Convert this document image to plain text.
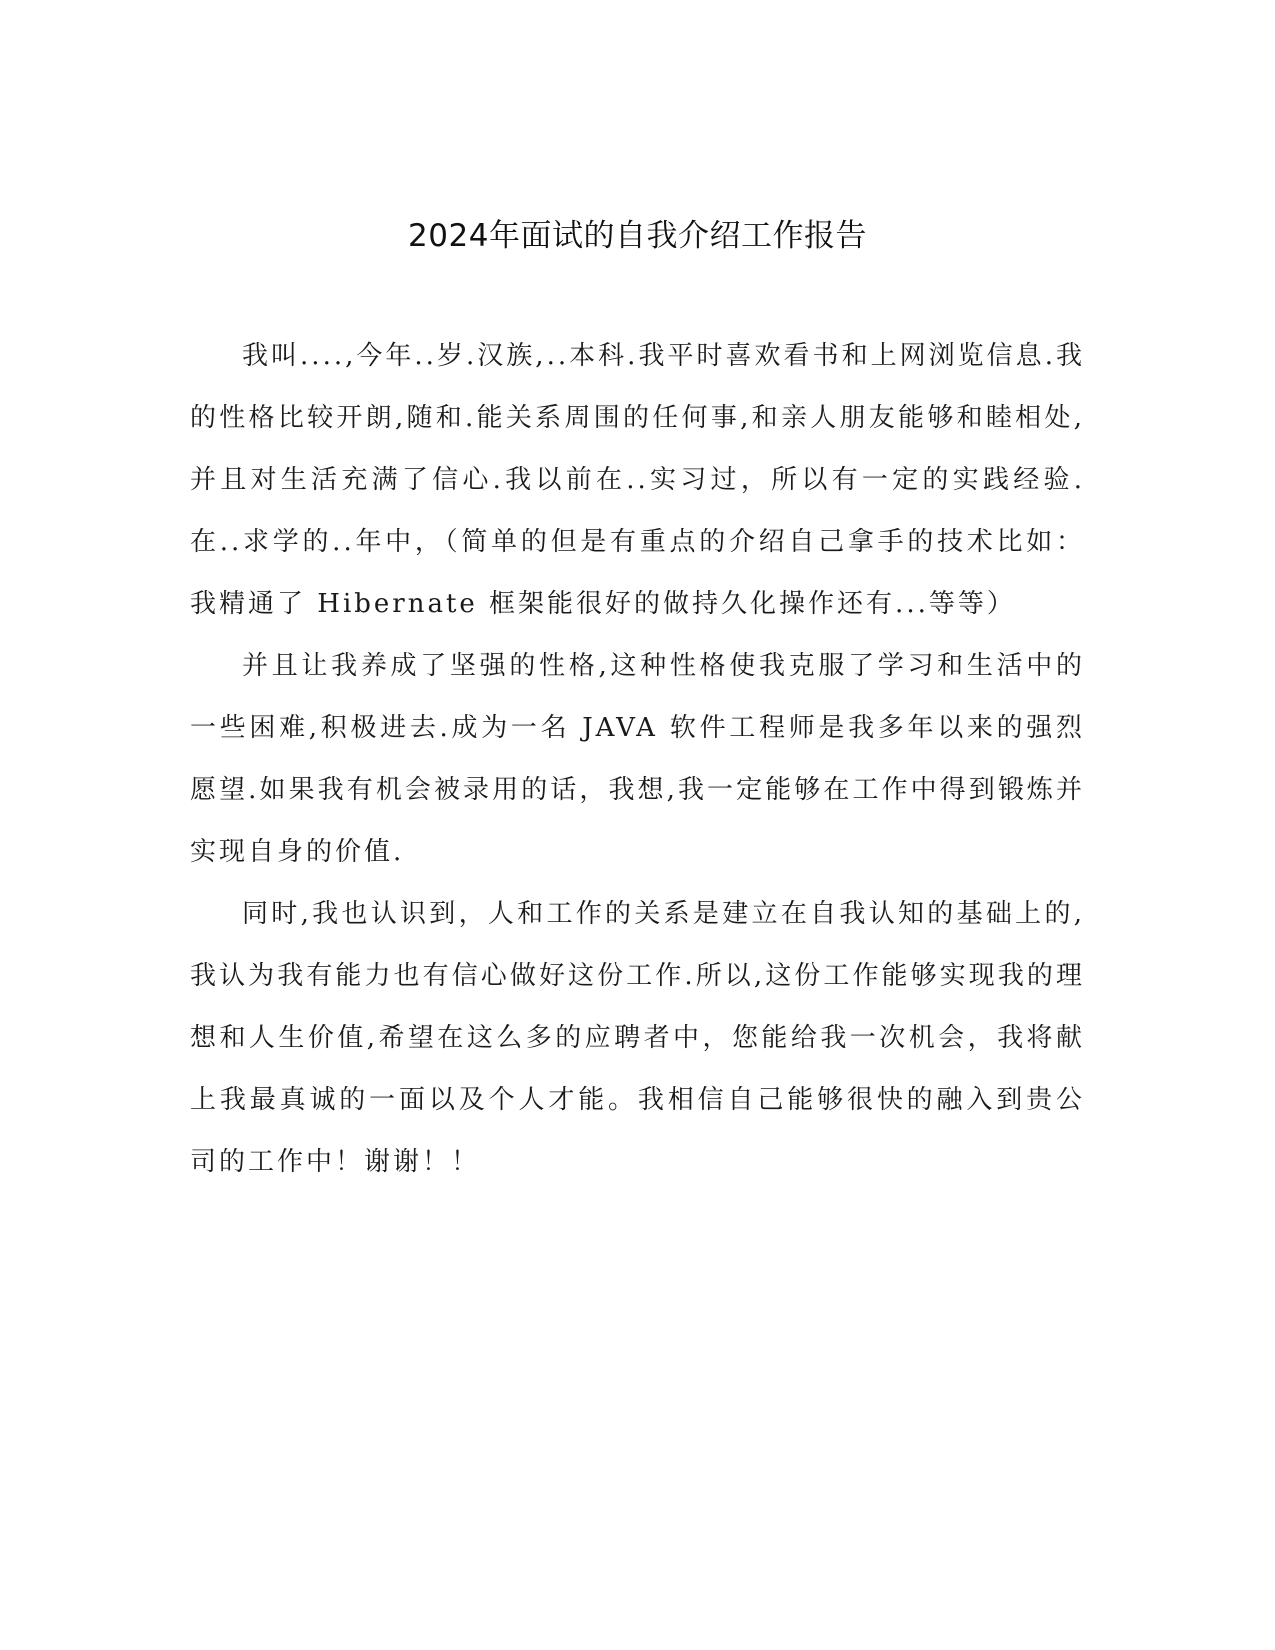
2024年面试的自我介绍工作报告

我叫....,今年..岁.汉族,..本科.我平时喜欢看书和上网浏览信息.我的性格比较开朗,随和.能关系周围的任何事,和亲人朋友能够和睦相处,并且对生活充满了信心.我以前在..实习过，所以有一定的实践经验.在..求学的..年中，（简单的但是有重点的介绍自己拿手的技术比如：我精通了 Hibernate 框架能很好的做持久化操作还有...等等）

并且让我养成了坚强的性格,这种性格使我克服了学习和生活中的一些困难,积极进去.成为一名 JAVA 软件工程师是我多年以来的强烈愿望.如果我有机会被录用的话，我想,我一定能够在工作中得到锻炼并实现自身的价值.

同时,我也认识到，人和工作的关系是建立在自我认知的基础上的,我认为我有能力也有信心做好这份工作.所以,这份工作能够实现我的理想和人生价值,希望在这么多的应聘者中，您能给我一次机会，我将献上我最真诚的一面以及个人才能。我相信自己能够很快的融入到贵公司的工作中！谢谢！！
